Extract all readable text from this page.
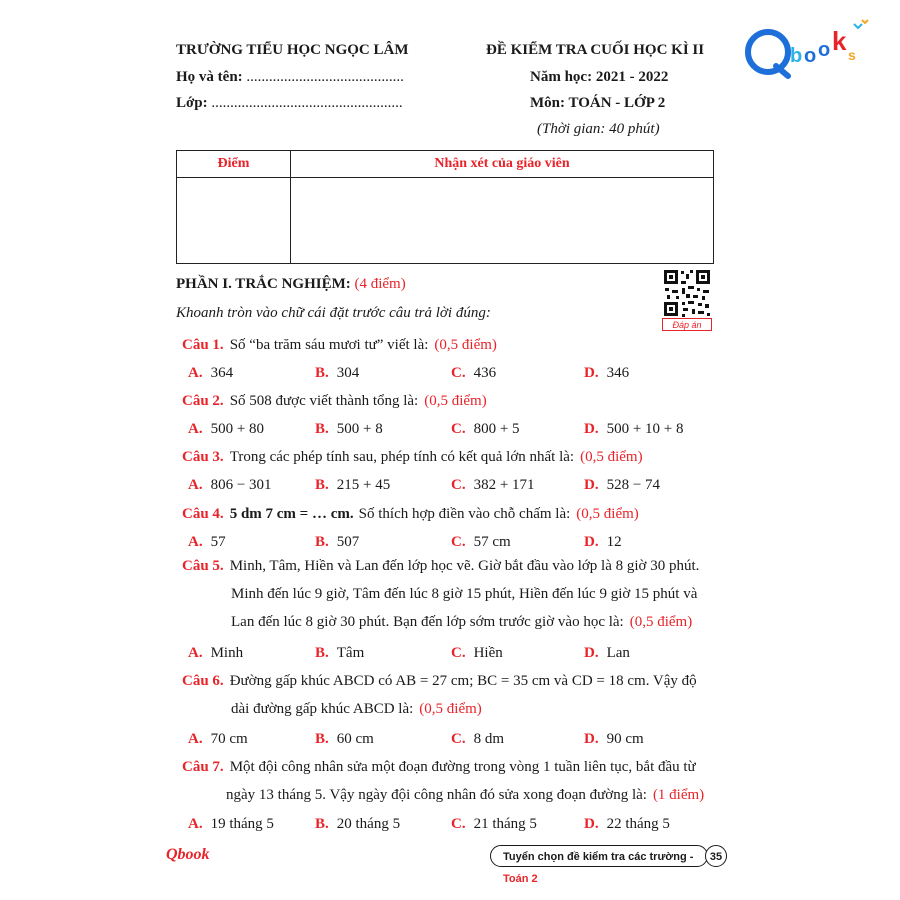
b o o k s
TRƯỜNG TIỂU HỌC NGỌC LÂM
Họ và tên: ..........................................
Lớp: ...................................................
ĐỀ KIỂM TRA CUỐI HỌC KÌ II
Năm học: 2021 - 2022
Môn: TOÁN - LỚP 2
(Thời gian: 40 phút)
Điểm	Nhận xét của giáo viên

PHẦN I. TRẮC NGHIỆM: (4 điểm)
Khoanh tròn vào chữ cái đặt trước câu trả lời đúng:
Đáp án
Câu 1. Số “ba trăm sáu mươi tư” viết là: (0,5 điểm)
A. 364	B. 304	C. 436	D. 346
Câu 2. Số 508 được viết thành tổng là: (0,5 điểm)
A. 500 + 80	B. 500 + 8	C. 800 + 5	D. 500 + 10 + 8
Câu 3. Trong các phép tính sau, phép tính có kết quả lớn nhất là: (0,5 điểm)
A. 806 − 301	B. 215 + 45	C. 382 + 171	D. 528 − 74
Câu 4. 5 dm 7 cm = … cm. Số thích hợp điền vào chỗ chấm là: (0,5 điểm)
A. 57	B. 507	C. 57 cm	D. 12
Câu 5. Minh, Tâm, Hiền và Lan đến lớp học vẽ. Giờ bắt đầu vào lớp là 8 giờ 30 phút.
Minh đến lúc 9 giờ, Tâm đến lúc 8 giờ 15 phút, Hiền đến lúc 9 giờ 15 phút và
Lan đến lúc 8 giờ 30 phút. Bạn đến lớp sớm trước giờ vào học là: (0,5 điểm)
A. Minh	B. Tâm	C. Hiền	D. Lan
Câu 6. Đường gấp khúc ABCD có AB = 27 cm; BC = 35 cm và CD = 18 cm. Vậy độ
dài đường gấp khúc ABCD là: (0,5 điểm)
A. 70 cm	B. 60 cm	C. 8 dm	D. 90 cm
Câu 7. Một đội công nhân sửa một đoạn đường trong vòng 1 tuần liên tục, bắt đầu từ
ngày 13 tháng 5. Vậy ngày đội công nhân đó sửa xong đoạn đường là: (1 điểm)
A. 19 tháng 5	B. 20 tháng 5	C. 21 tháng 5	D. 22 tháng 5
Qbook	Tuyển chọn đề kiểm tra các trường - Toán 2
35
